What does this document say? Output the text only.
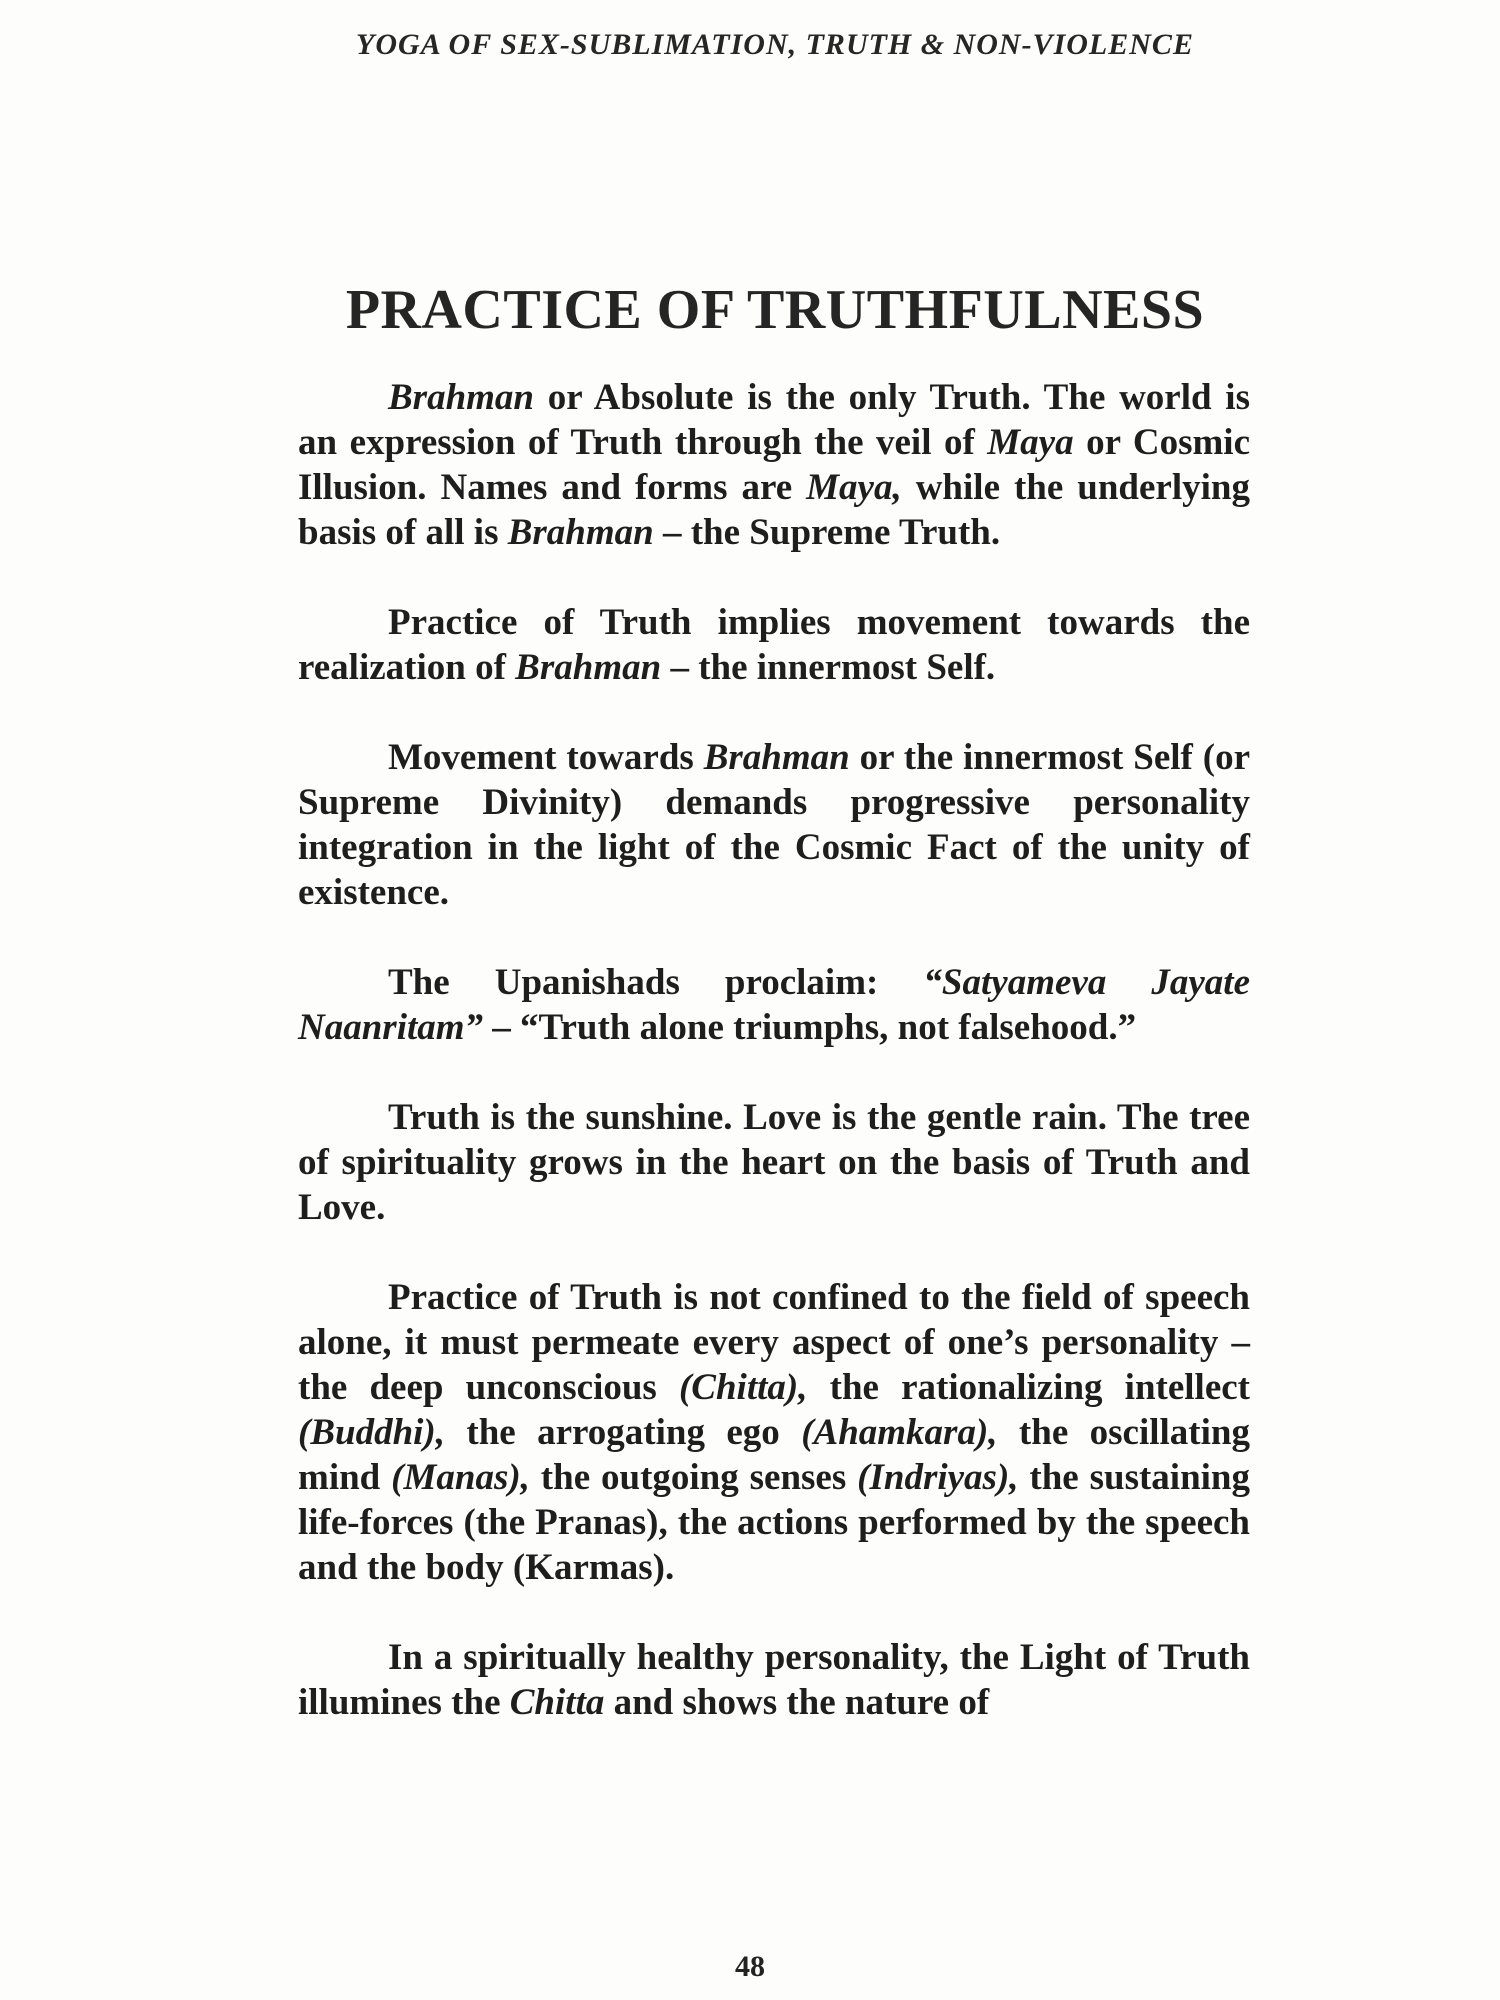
YOGA OF SEX-SUBLIMATION, TRUTH & NON-VIOLENCE
PRACTICE OF TRUTHFULNESS

Brahman or Absolute is the only Truth. The world is an expression of Truth through the veil of Maya or Cosmic Illusion. Names and forms are Maya, while the underlying basis of all is Brahman – the Supreme Truth.

Practice of Truth implies movement towards the realization of Brahman – the innermost Self.

Movement towards Brahman or the innermost Self (or Supreme Divinity) demands progressive personality integration in the light of the Cosmic Fact of the unity of existence.

The Upanishads proclaim: “Satyameva Jayate Naanritam” – “Truth alone triumphs, not falsehood.”

Truth is the sunshine. Love is the gentle rain. The tree of spirituality grows in the heart on the basis of Truth and Love.

Practice of Truth is not confined to the field of speech alone, it must permeate every aspect of one’s personality – the deep unconscious (Chitta), the rationalizing intellect (Buddhi), the arrogating ego (Ahamkara), the oscillating mind (Manas), the outgoing senses (Indriyas), the sustaining life-forces (the Pranas), the actions performed by the speech and the body (Karmas).

In a spiritually healthy personality, the Light of Truth illumines the Chitta and shows the nature of

48
